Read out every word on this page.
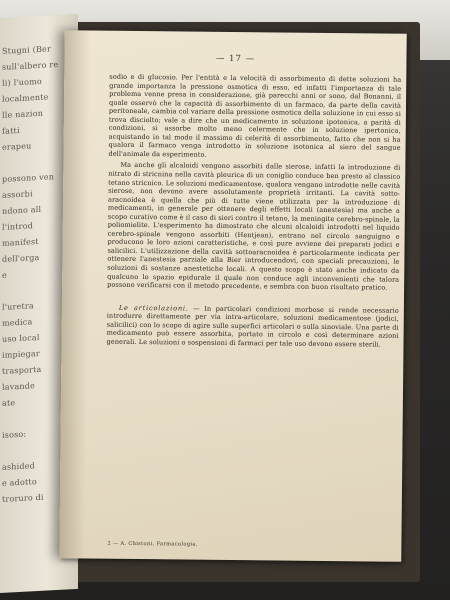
Stugni (Ber
sull'albero re
li) l'uomo
localmente
lle nazion
fatti
erapeu
possono ven
assorbi
ndono all
l'introd
manifest
dell'orga
e
l'uretra
medica
uso local
impiegar
trasporta
lavande
ate
isoso:
ashided
e adotto
troruro di
— 17 —

sodio e di glucosio. Per l'entità e la velocità di assorbimento di dette soluzioni ha grande importanza la pressione osmotica di esso, ed infatti l'importanza di tale problema venne presa in considerazione, già parecchi anni or sono, dal Bonanni, il quale osservò che la capacità di assorbimento di un farmaco, da parte della cavità peritoneale, cambia col variare della pressione osmotica della soluzione in cui esso si trova disciolto; vale a dire che un medicamento in soluzione ipotonica, a parità di condizioni, si assorbe molto meno celermente che in soluzione ipertonica, acquistando in tal modo il massimo di celerità di assorbimento, fatto che non si ha qualora il farmaco venga introdotto in soluzione isotonica al siero del sangue dell'animale da esperimento.

Ma anche gli alcaloidi vengono assorbiti dalle sierose, infatti la introduzione di nitrato di stricnina nella cavità pleurica di un coniglio conduce ben presto al classico tetano stricnico. Le soluzioni medicamentose, qualora vengano introdotte nelle cavità sierose, non devono avere assolutamente proprietà irritanti. La cavità sotto-aracnoidea è quella che più di tutte viene utilizzata per la introduzione di medicamenti, in generale per ottenere degli effetti locali (anestesia) ma anche a scopo curativo come è il caso di sieri contro il tetano, la meningite cerebro-spinale, la poliomielite. L'esperimento ha dimostrato che alcuni alcaloidi introdotti nel liquido cerebro-spinale vengono assorbiti (Hentjean), entrano nel circolo sanguigno e producono le loro azioni caratteristiche, e così pure avviene dei preparati jodici e salicilici. L'utilizzazione della cavità sottoaracnoidea è particolarmente indicata per ottenere l'anestesia parziale alla Bier introducendovi, con speciali precauzioni, le soluzioni di sostanze anestetiche locali. A questo scopo è stato anche indicato da qualcuno lo spazio epidurale il quale non conduce agli inconvenienti che talora possono verificarsi con il metodo precedente, e sembra con buon risultato pratico.

Le articolazioni. — In particolari condizioni morbose si rende necessario introdurre direttamente per via intra-articolare, soluzioni medicamentose (jodici, salicilici) con lo scopo di agire sulle superfici articolari o sulla sinoviale. Una parte di medicamento può essere assorbita, portato in circolo e così determinare azioni generali. Le soluzioni o sospensioni di farmaci per tale uso devono essere sterili.

2 — A. Chistoni, Farmacologia.
